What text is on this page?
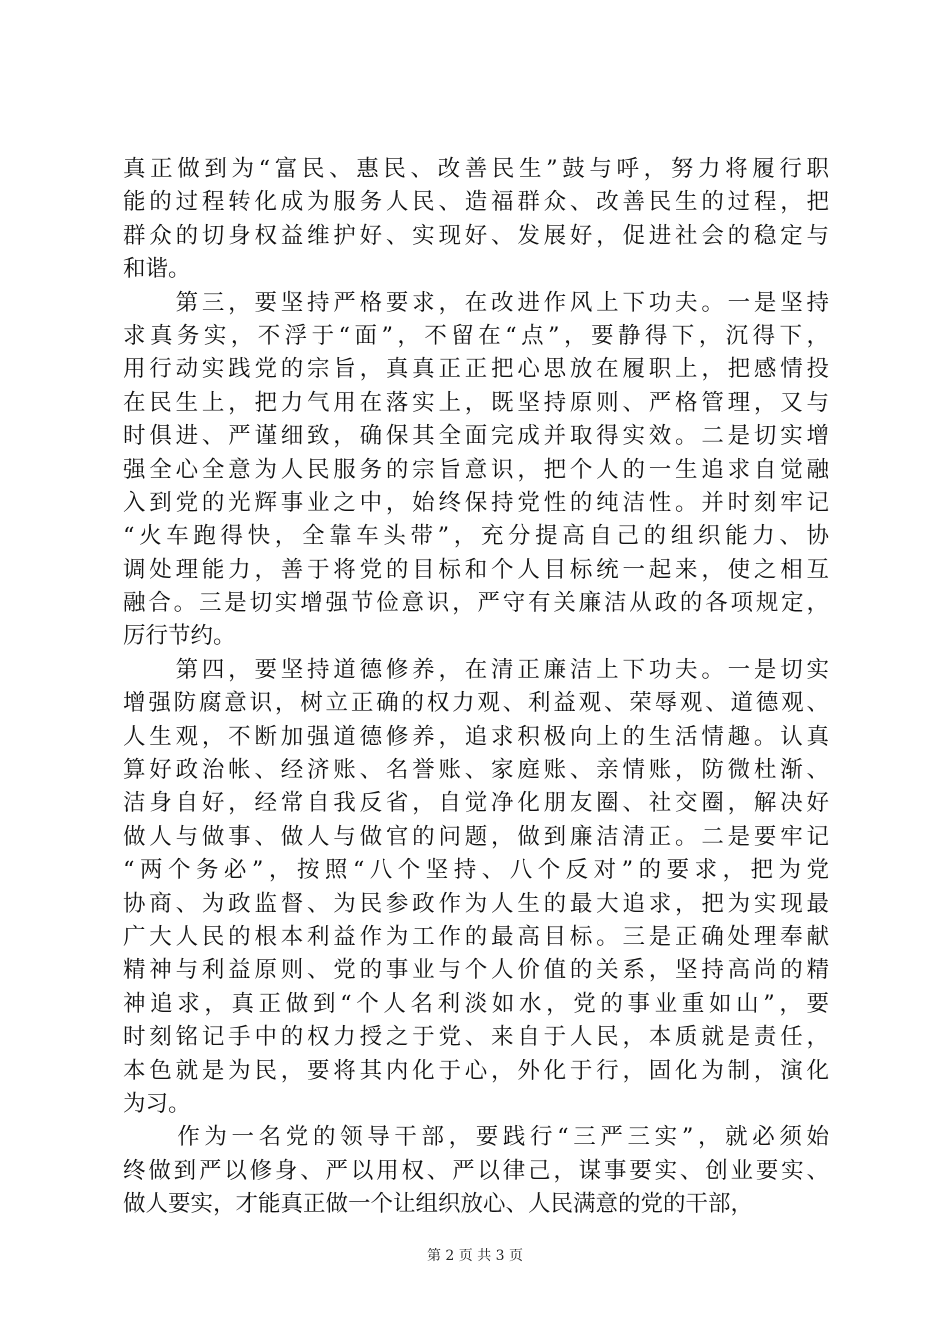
真正做到为“富民、惠民、改善民生”鼓与呼，努力将履行职
能的过程转化成为服务人民、造福群众、改善民生的过程，把
群众的切身权益维护好、实现好、发展好，促进社会的稳定与
和谐。
　　第三，要坚持严格要求，在改进作风上下功夫。一是坚持
求真务实，不浮于“面”，不留在“点”，要静得下，沉得下，
用行动实践党的宗旨，真真正正把心思放在履职上，把感情投
在民生上，把力气用在落实上，既坚持原则、严格管理，又与
时俱进、严谨细致，确保其全面完成并取得实效。二是切实增
强全心全意为人民服务的宗旨意识，把个人的一生追求自觉融
入到党的光辉事业之中，始终保持党性的纯洁性。并时刻牢记
“火车跑得快，全靠车头带”，充分提高自己的组织能力、协
调处理能力，善于将党的目标和个人目标统一起来，使之相互
融合。三是切实增强节俭意识，严守有关廉洁从政的各项规定，
厉行节约。
　　第四，要坚持道德修养，在清正廉洁上下功夫。一是切实
增强防腐意识，树立正确的权力观、利益观、荣辱观、道德观、
人生观，不断加强道德修养，追求积极向上的生活情趣。认真
算好政治帐、经济账、名誉账、家庭账、亲情账，防微杜渐、
洁身自好，经常自我反省，自觉净化朋友圈、社交圈，解决好
做人与做事、做人与做官的问题，做到廉洁清正。二是要牢记
“两个务必”，按照“八个坚持、八个反对”的要求，把为党
协商、为政监督、为民参政作为人生的最大追求，把为实现最
广大人民的根本利益作为工作的最高目标。三是正确处理奉献
精神与利益原则、党的事业与个人价值的关系，坚持高尚的精
神追求，真正做到“个人名利淡如水，党的事业重如山”，要
时刻铭记手中的权力授之于党、来自于人民，本质就是责任，
本色就是为民，要将其内化于心，外化于行，固化为制，演化
为习。
　　作为一名党的领导干部，要践行“三严三实”，就必须始
终做到严以修身、严以用权、严以律己，谋事要实、创业要实、
做人要实，才能真正做一个让组织放心、人民满意的党的干部，
第 2 页 共 3 页
